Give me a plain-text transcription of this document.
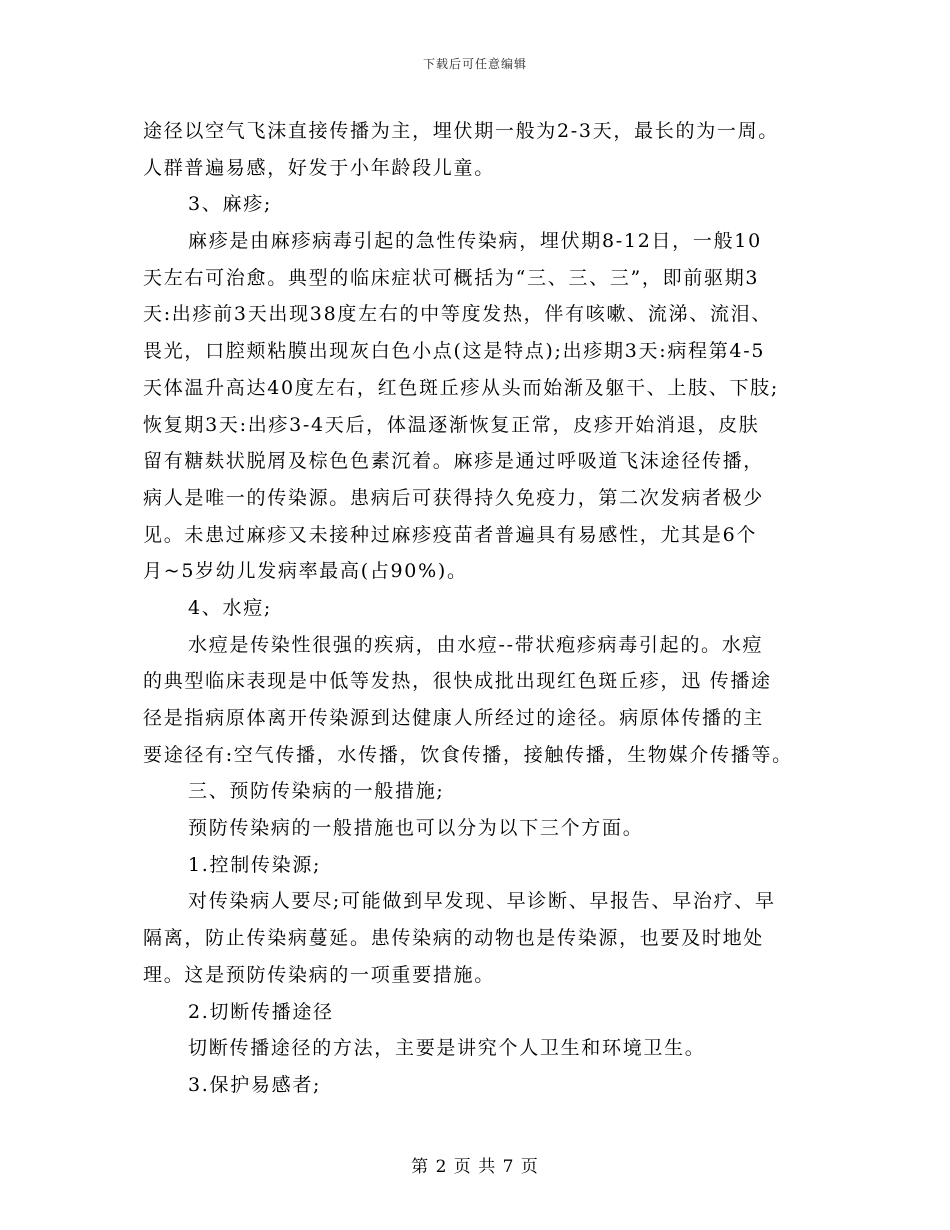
下载后可任意编辑
途径以空气飞沫直接传播为主，埋伏期一般为2-3天，最长的为一周。
人群普遍易感，好发于小年龄段儿童。
3、麻疹;
麻疹是由麻疹病毒引起的急性传染病，埋伏期8-12日，一般10
天左右可治愈。典型的临床症状可概括为“三、三、三”，即前驱期3
天:出疹前3天出现38度左右的中等度发热，伴有咳嗽、流涕、流泪、
畏光，口腔颊粘膜出现灰白色小点(这是特点);出疹期3天:病程第4-5
天体温升高达40度左右，红色斑丘疹从头而始渐及躯干、上肢、下肢;
恢复期3天:出疹3-4天后，体温逐渐恢复正常，皮疹开始消退，皮肤
留有糖麸状脱屑及棕色色素沉着。麻疹是通过呼吸道飞沫途径传播，
病人是唯一的传染源。患病后可获得持久免疫力，第二次发病者极少
见。未患过麻疹又未接种过麻疹疫苗者普遍具有易感性，尤其是6个
月~5岁幼儿发病率最高(占90%)。
4、水痘;
水痘是传染性很强的疾病，由水痘--带状疱疹病毒引起的。水痘
的典型临床表现是中低等发热，很快成批出现红色斑丘疹，迅 传播途
径是指病原体离开传染源到达健康人所经过的途径。病原体传播的主
要途径有:空气传播，水传播，饮食传播，接触传播，生物媒介传播等。
三、预防传染病的一般措施;
预防传染病的一般措施也可以分为以下三个方面。
1.控制传染源;
对传染病人要尽;可能做到早发现、早诊断、早报告、早治疗、早
隔离，防止传染病蔓延。患传染病的动物也是传染源，也要及时地处
理。这是预防传染病的一项重要措施。
2.切断传播途径
切断传播途径的方法，主要是讲究个人卫生和环境卫生。
3.保护易感者;
第 2 页 共 7 页
